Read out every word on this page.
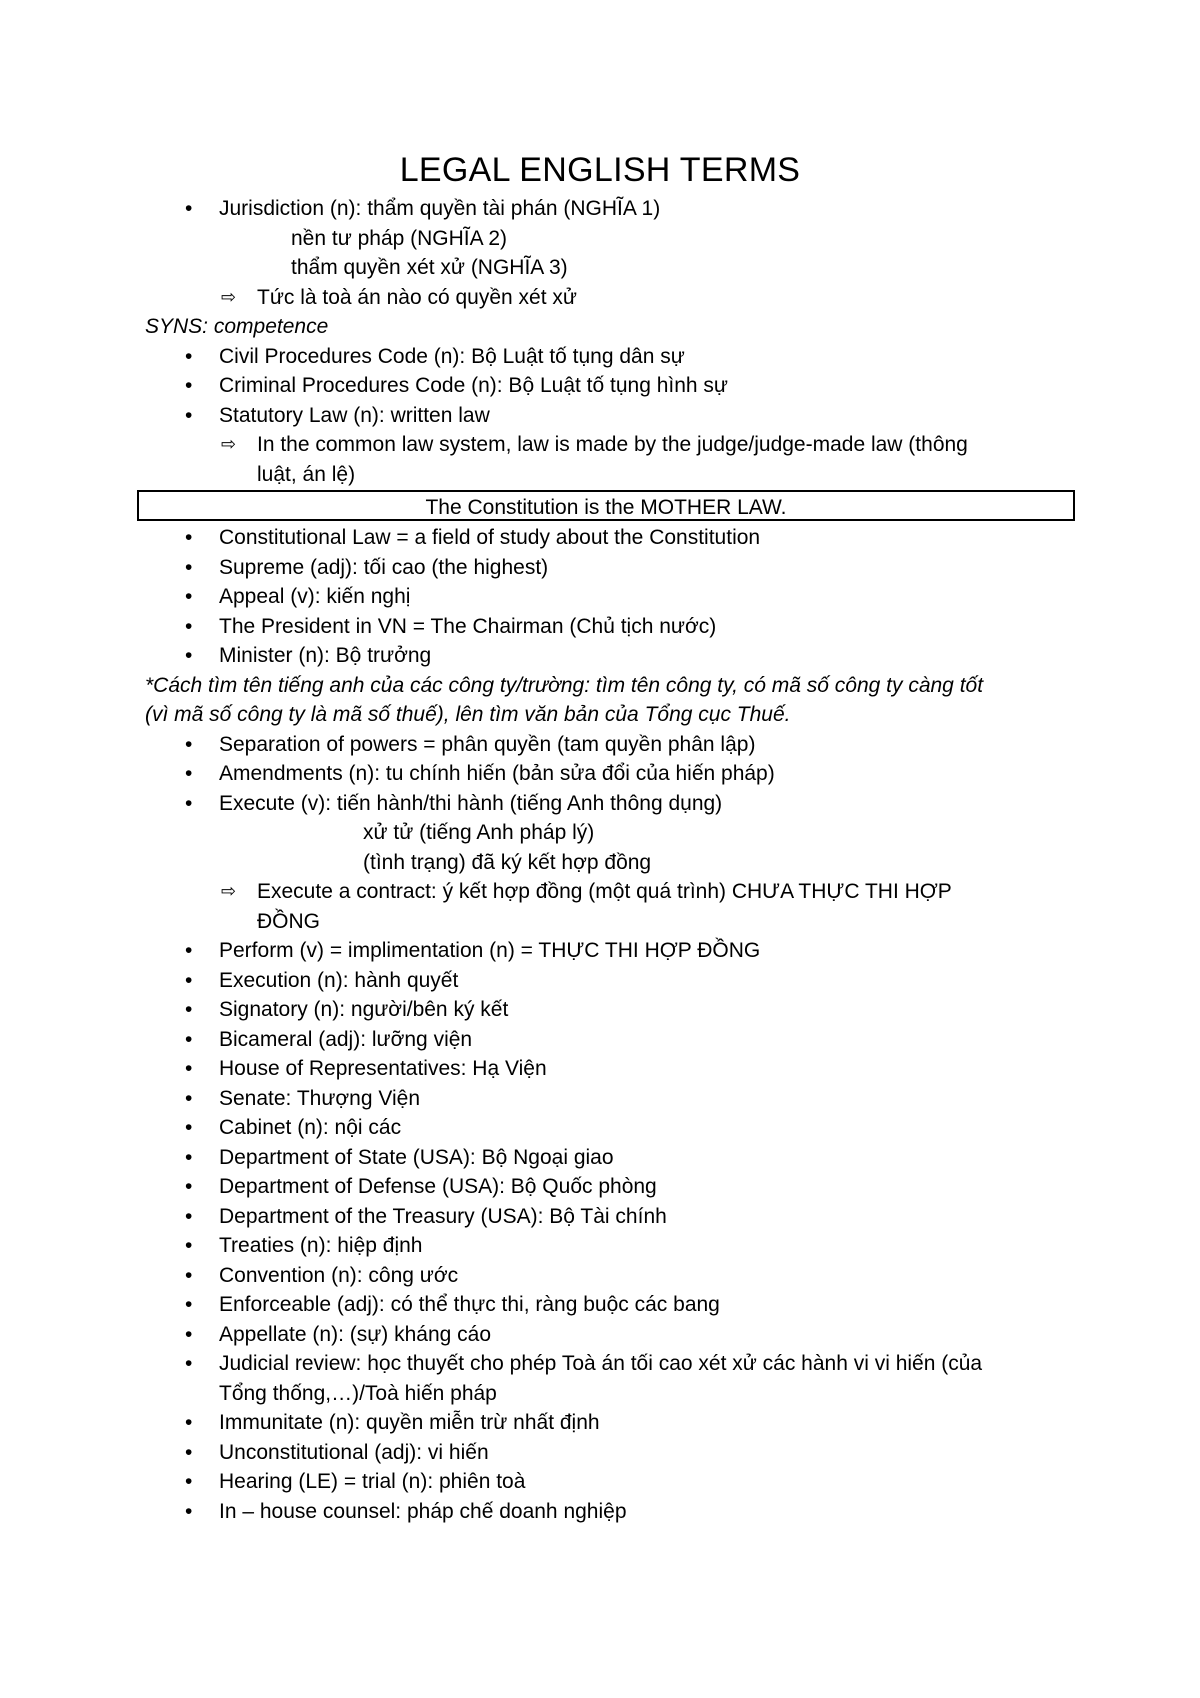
LEGAL ENGLISH TERMS
• Jurisdiction (n): thẩm quyền tài phán (NGHĨA 1)
nền tư pháp (NGHĨA 2)
thẩm quyền xét xử (NGHĨA 3)
⇨ Tức là toà án nào có quyền xét xử
SYNS: competence
• Civil Procedures Code (n): Bộ Luật tố tụng dân sự
• Criminal Procedures Code (n): Bộ Luật tố tụng hình sự
• Statutory Law (n): written law
⇨ In the common law system, law is made by the judge/judge-made law (thông
luật, án lệ)
The Constitution is the MOTHER LAW.
• Constitutional Law = a field of study about the Constitution
• Supreme (adj): tối cao (the highest)
• Appeal (v): kiến nghị
• The President in VN = The Chairman (Chủ tịch nước)
• Minister (n): Bộ trưởng
*Cách tìm tên tiếng anh của các công ty/trường: tìm tên công ty, có mã số công ty càng tốt
(vì mã số công ty là mã số thuế), lên tìm văn bản của Tổng cục Thuế.
• Separation of powers = phân quyền (tam quyền phân lập)
• Amendments (n): tu chính hiến (bản sửa đổi của hiến pháp)
• Execute (v): tiến hành/thi hành (tiếng Anh thông dụng)
xử tử (tiếng Anh pháp lý)
(tình trạng) đã ký kết hợp đồng
⇨ Execute a contract: ý kết hợp đồng (một quá trình) CHƯA THỰC THI HỢP
ĐỒNG
• Perform (v) = implimentation (n) = THỰC THI HỢP ĐỒNG
• Execution (n): hành quyết
• Signatory (n): người/bên ký kết
• Bicameral (adj): lưỡng viện
• House of Representatives: Hạ Viện
• Senate: Thượng Viện
• Cabinet (n): nội các
• Department of State (USA): Bộ Ngoại giao
• Department of Defense (USA): Bộ Quốc phòng
• Department of the Treasury (USA): Bộ Tài chính
• Treaties (n): hiệp định
• Convention (n): công ước
• Enforceable (adj): có thể thực thi, ràng buộc các bang
• Appellate (n): (sự) kháng cáo
• Judicial review: học thuyết cho phép Toà án tối cao xét xử các hành vi vi hiến (của
Tổng thống,…)/Toà hiến pháp
• Immunitate (n): quyền miễn trừ nhất định
• Unconstitutional (adj): vi hiến
• Hearing (LE) = trial (n): phiên toà
• In – house counsel: pháp chế doanh nghiệp
